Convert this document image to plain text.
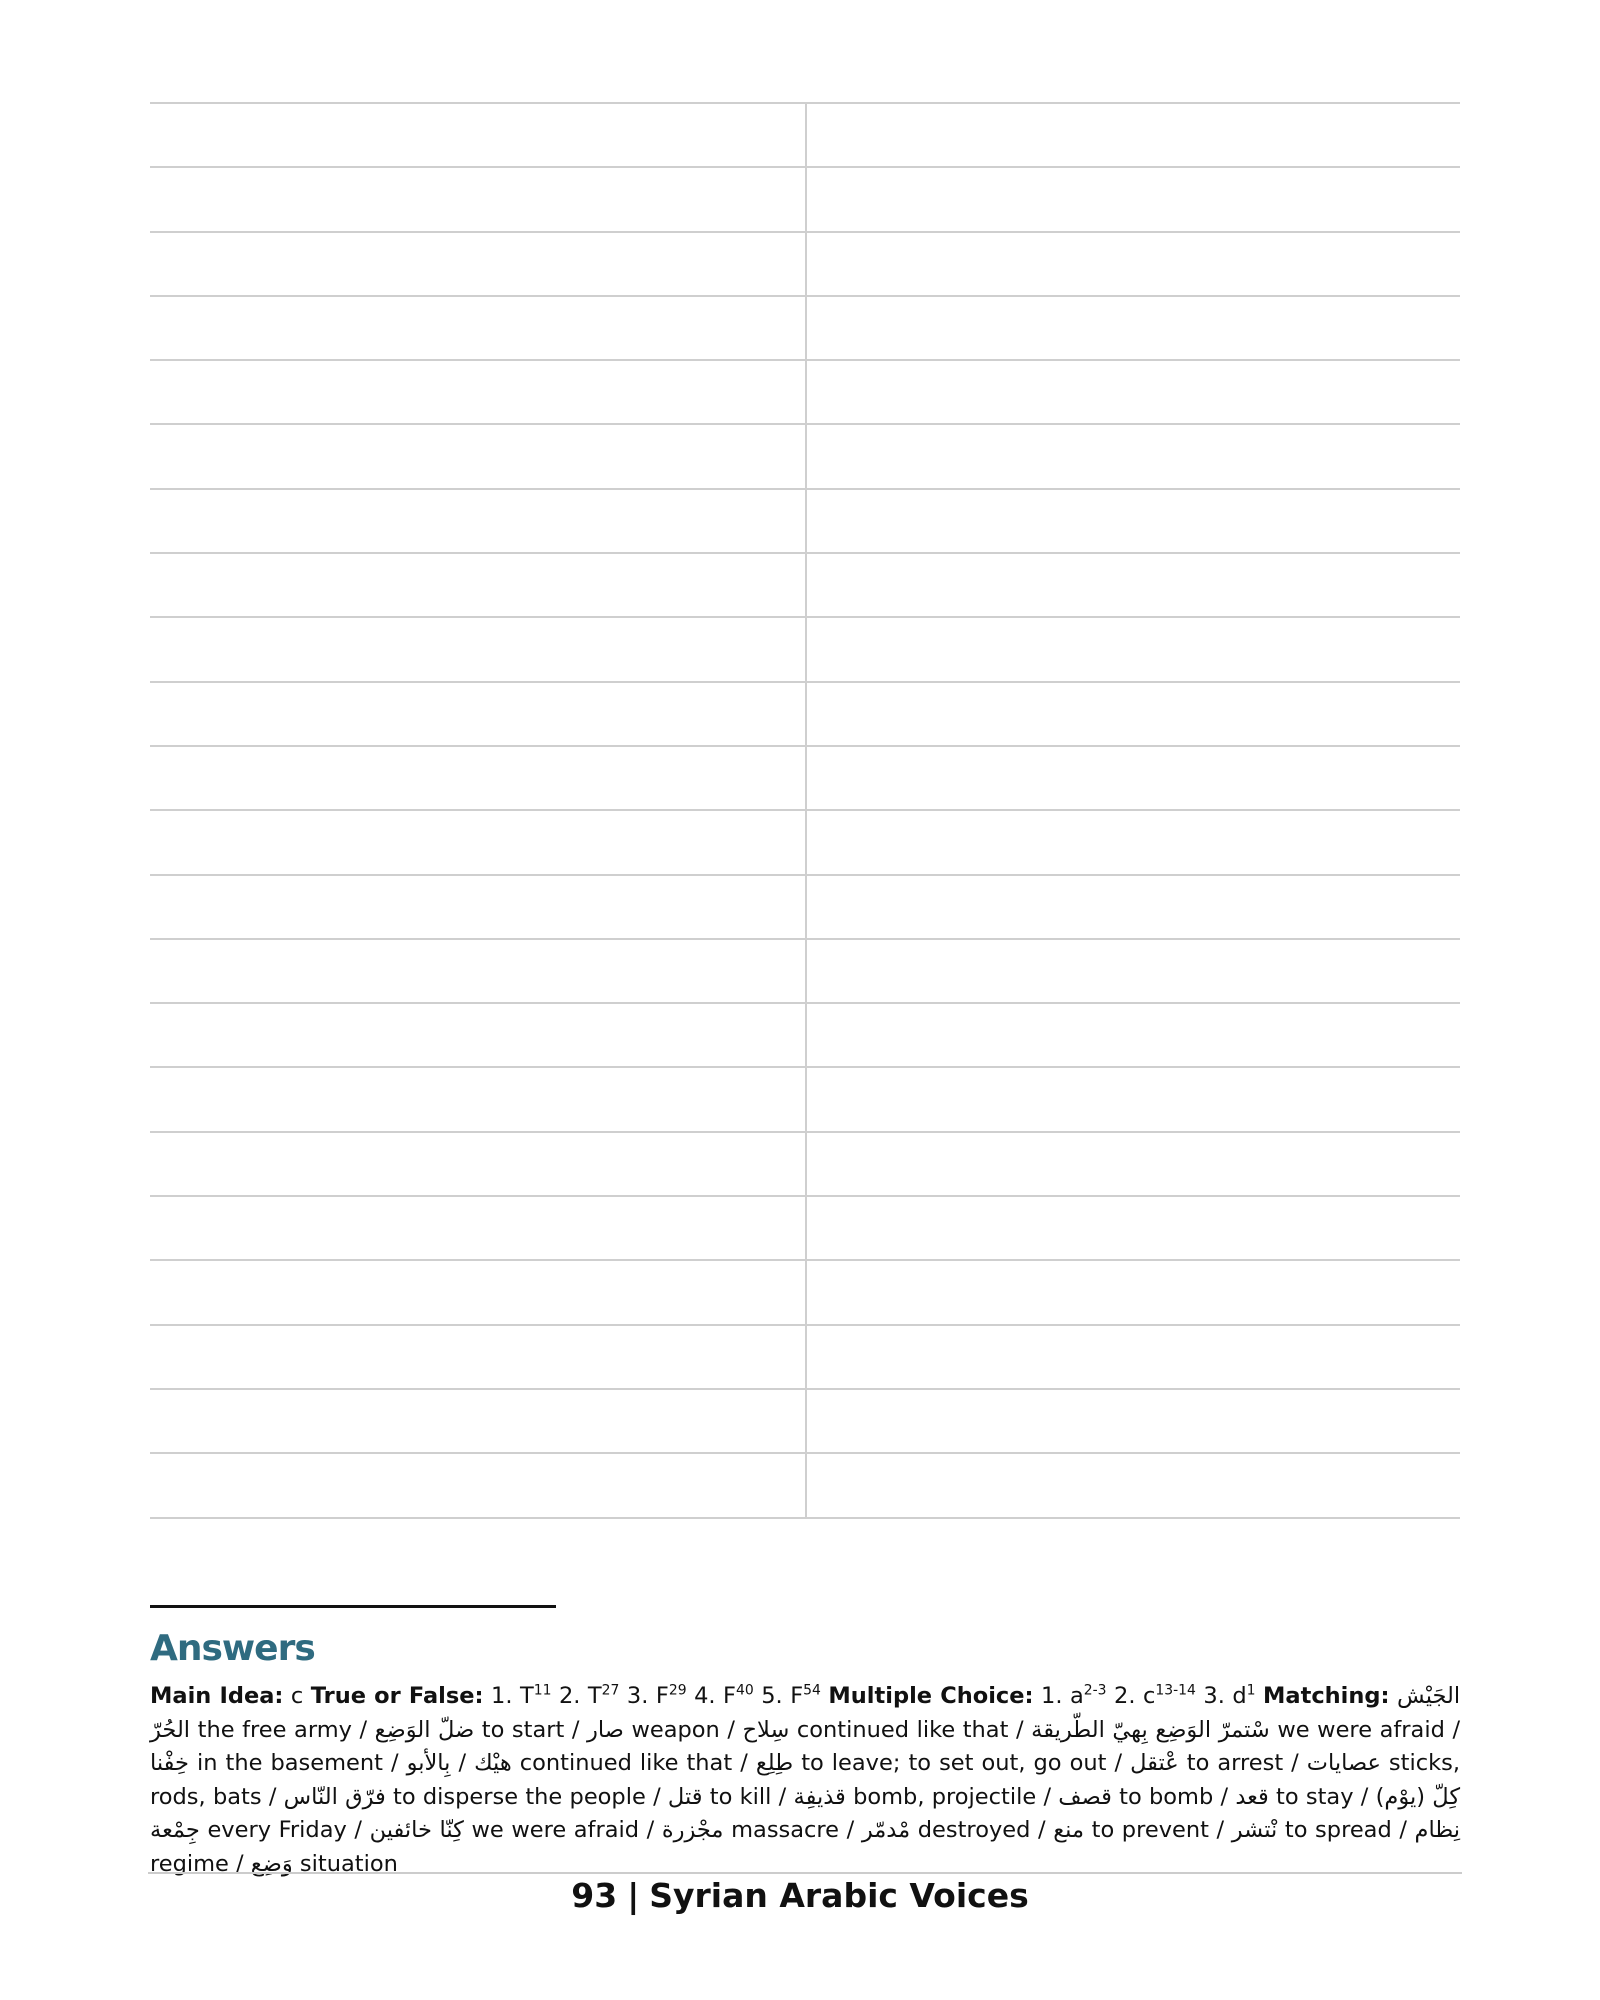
Answers

Main Idea: c True or False: 1. $T^{11}$ 2. $T^{27}$ 3. $F^{29}$ 4. $F^{40}$ 5. $F^{54}$ Multiple Choice: 1. $a^{2-3}$ 2. $c^{13-14}$ 3. $d^1$ Matching: الجَيْش الحُرّ the free army / ضلّ الوَضِع to start / صار weapon / سِلاح continued like that / سْتمرّ الوَضِع بِهيّ الطّريقة we were afraid / خِفْنا in the basement / بِالأبو / هيْك continued like that / طِلِع to leave; to set out, go out / عْتقل to arrest / عصايات sticks, rods, bats / فرّق النّاس to disperse the people / قتل to kill / قذيفِة bomb, projectile / قصف to bomb / قعد to stay / كِلّ (يوْم) جِمْعة every Friday / كِنّا خائفين we were afraid / مجْزرة massacre / مْدمّر destroyed / منع to prevent / نْتشر to spread / نِظام regime / وَضِع situation

93 | Syrian Arabic Voices
